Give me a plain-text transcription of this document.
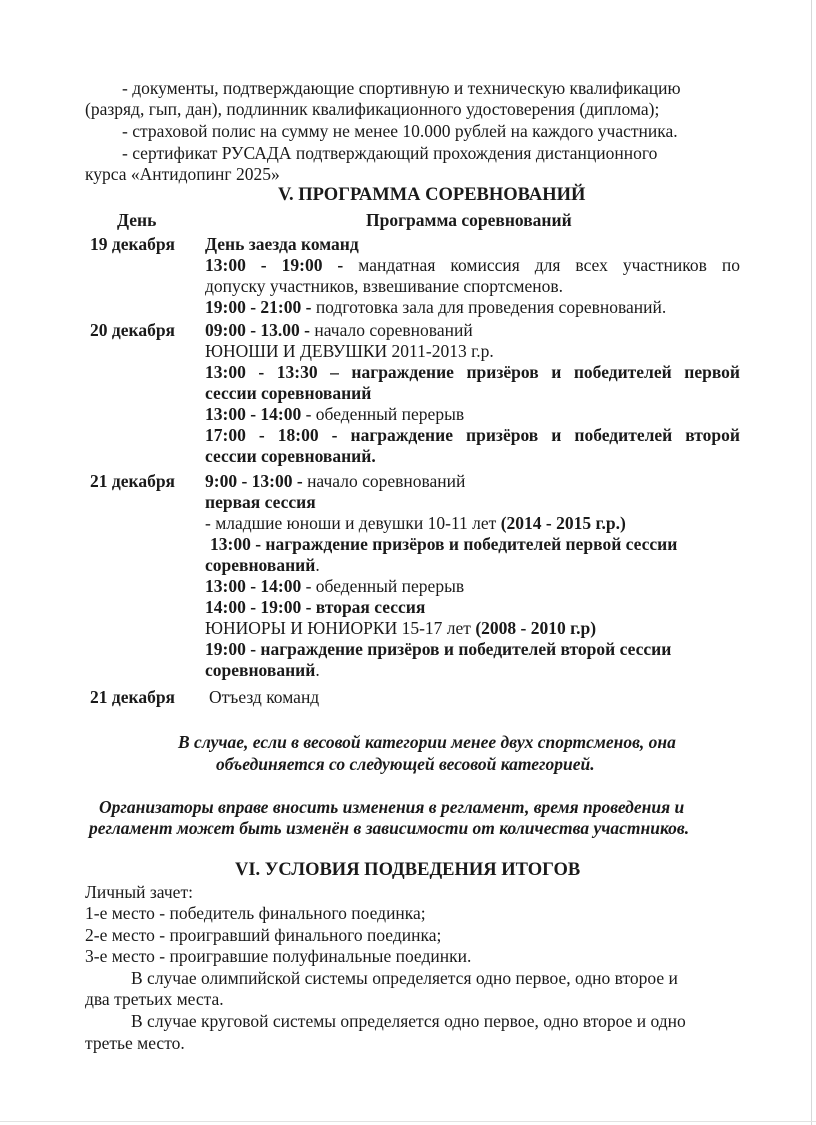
- документы, подтверждающие спортивную и техническую квалификацию
(разряд, гып, дан), подлинник квалификационного удостоверения (диплома);
- страховой полис на сумму не менее 10.000 рублей на каждого участника.
- сертификат РУСАДА подтверждающий прохождения дистанционного
курса «Антидопинг 2025»
V. ПРОГРАММА СОРЕВНОВАНИЙ
День	Программа соревнований
19 декабря День заезда команд
13:00 - 19:00 - мандатная комиссия для всех участников по
допуску участников, взвешивание спортсменов.
19:00 - 21:00 - подготовка зала для проведения соревнований.
20 декабря 09:00 - 13.00 - начало соревнований
ЮНОШИ И ДЕВУШКИ 2011-2013 г.р.
13:00 - 13:30 – награждение призёров и победителей первой
сессии соревнований
13:00 - 14:00 - обеденный перерыв
17:00 - 18:00 - награждение призёров и победителей второй
сессии соревнований.
21 декабря 9:00 - 13:00 - начало соревнований
первая сессия
- младшие юноши и девушки 10-11 лет (2014 - 2015 г.р.)
13:00 - награждение призёров и победителей первой сессии
соревнований.
13:00 - 14:00 - обеденный перерыв
14:00 - 19:00 - вторая сессия
ЮНИОРЫ И ЮНИОРКИ 15-17 лет (2008 - 2010 г.р)
19:00 - награждение призёров и победителей второй сессии
соревнований.
21 декабря Отъезд команд
В случае, если в весовой категории менее двух спортсменов, она
объединяется со следующей весовой категорией.
Организаторы вправе вносить изменения в регламент, время проведения и
регламент может быть изменён в зависимости от количества участников.
VI. УСЛОВИЯ ПОДВЕДЕНИЯ ИТОГОВ
Личный зачет:
1-е место - победитель финального поединка;
2-е место - проигравший финального поединка;
3-е место - проигравшие полуфинальные поединки.
В случае олимпийской системы определяется одно первое, одно второе и
два третьих места.
В случае круговой системы определяется одно первое, одно второе и одно
третье место.
